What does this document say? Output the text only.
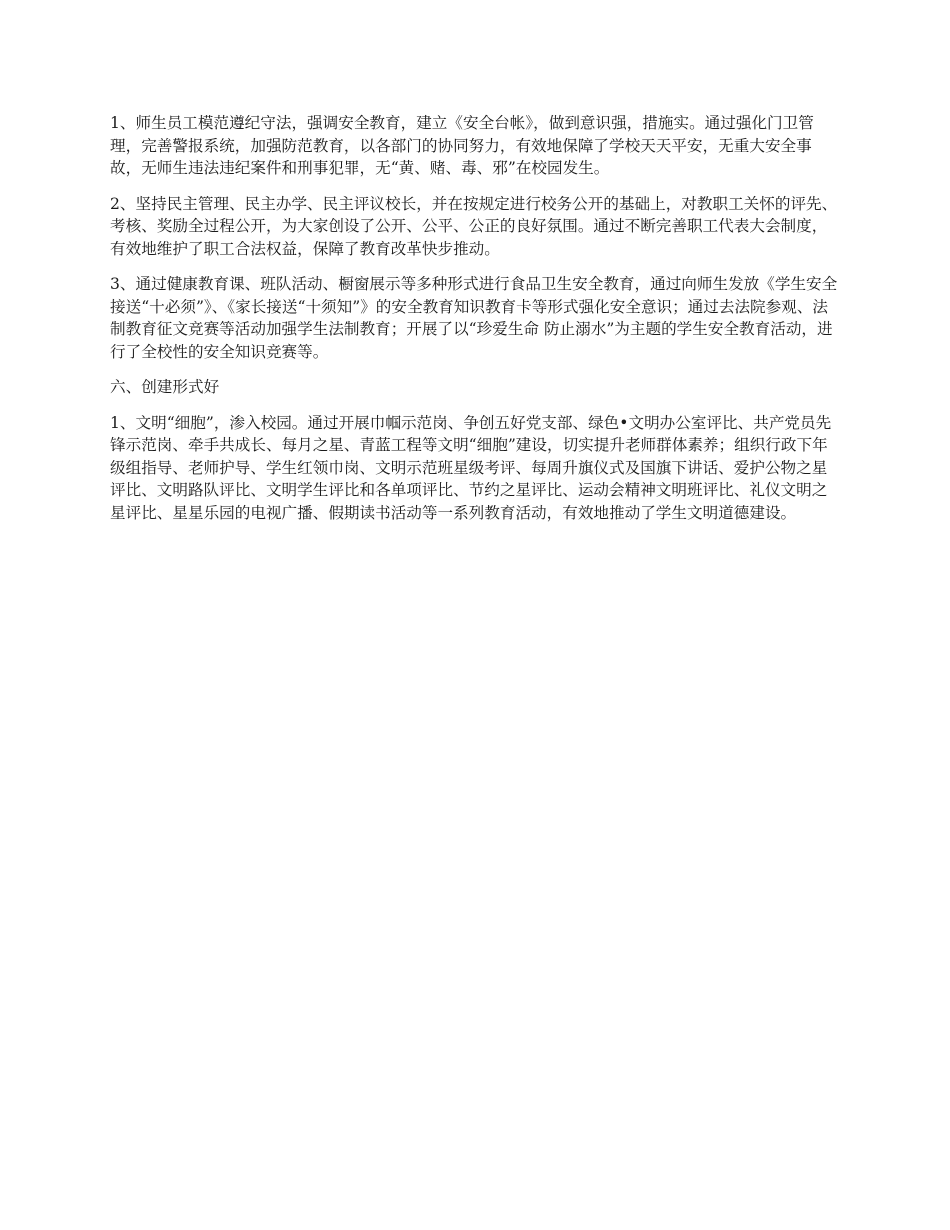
1、师生员工模范遵纪守法，强调安全教育，建立《安全台帐》，做到意识强，措施实。通过强化门卫管理，完善警报系统，加强防范教育，以各部门的协同努力，有效地保障了学校天天平安，无重大安全事故，无师生违法违纪案件和刑事犯罪，无“黄、赌、毒、邪”在校园发生。

2、坚持民主管理、民主办学、民主评议校长，并在按规定进行校务公开的基础上，对教职工关怀的评先、考核、奖励全过程公开，为大家创设了公开、公平、公正的良好氛围。通过不断完善职工代表大会制度，有效地维护了职工合法权益，保障了教育改革快步推动。

3、通过健康教育课、班队活动、橱窗展示等多种形式进行食品卫生安全教育，通过向师生发放《学生安全接送“十必须”》、《家长接送“十须知”》的安全教育知识教育卡等形式强化安全意识；通过去法院参观、法制教育征文竞赛等活动加强学生法制教育；开展了以“珍爱生命 防止溺水”为主题的学生安全教育活动，进行了全校性的安全知识竞赛等。

六、创建形式好

1、文明“细胞”，渗入校园。通过开展巾帼示范岗、争创五好党支部、绿色•文明办公室评比、共产党员先锋示范岗、牵手共成长、每月之星、青蓝工程等文明“细胞”建设，切实提升老师群体素养；组织行政下年级组指导、老师护导、学生红领巾岗、文明示范班星级考评、每周升旗仪式及国旗下讲话、爱护公物之星评比、文明路队评比、文明学生评比和各单项评比、节约之星评比、运动会精神文明班评比、礼仪文明之星评比、星星乐园的电视广播、假期读书活动等一系列教育活动，有效地推动了学生文明道德建设。
